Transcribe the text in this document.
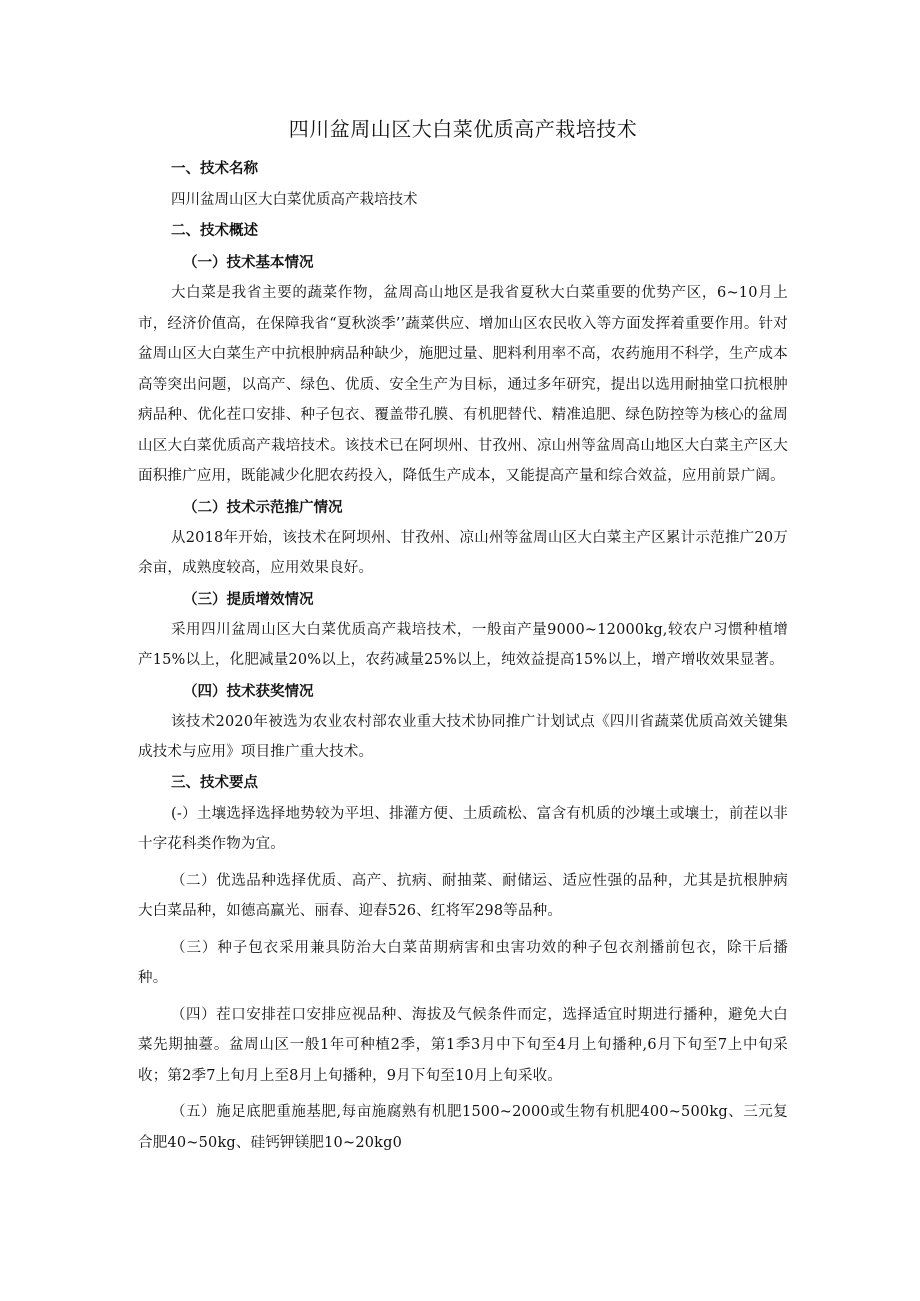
四川盆周山区大白菜优质高产栽培技术
一、技术名称

四川盆周山区大白菜优质高产栽培技术

二、技术概述
（一）技术基本情况

大白菜是我省主要的蔬菜作物，盆周高山地区是我省夏秋大白菜重要的优势产区，6~10月上市，经济价值高，在保障我省“夏秋淡季’’蔬菜供应、增加山区农民收入等方面发挥着重要作用。针对盆周山区大白菜生产中抗根肿病品种缺少，施肥过量、肥料利用率不高，农药施用不科学，生产成本高等突出问题，以高产、绿色、优质、安全生产为目标，通过多年研究，提出以选用耐抽堂口抗根肿病品种、优化茬口安排、种子包衣、覆盖带孔膜、有机肥替代、精准追肥、绿色防控等为核心的盆周山区大白菜优质高产栽培技术。该技术已在阿坝州、甘孜州、凉山州等盆周高山地区大白菜主产区大面积推广应用，既能减少化肥农药投入，降低生产成本，又能提高产量和综合效益，应用前景广阔。

（二）技术示范推广情况

从2018年开始，该技术在阿坝州、甘孜州、凉山州等盆周山区大白菜主产区累计示范推广20万余亩，成熟度较高，应用效果良好。

（三）提质增效情况

采用四川盆周山区大白菜优质高产栽培技术，一般亩产量9000~12000kg,较农户习惯种植增产15%以上，化肥减量20%以上，农药减量25%以上，纯效益提高15%以上，增产增收效果显著。

（四）技术获奖情况

该技术2020年被选为农业农村部农业重大技术协同推广计划试点《四川省蔬菜优质高效关键集成技术与应用》项目推广重大技术。

三、技术要点

(-）土壤选择选择地势较为平坦、排灌方便、土质疏松、富含有机质的沙壤土或壤士，前茬以非十字花科类作物为宜。

（二）优选品种选择优质、高产、抗病、耐抽菜、耐储运、适应性强的品种，尤其是抗根肿病大白菜品种，如德高赢光、丽春、迎春526、红将军298等品种。

（三）种子包衣采用兼具防治大白菜苗期病害和虫害功效的种子包衣剂播前包衣，除干后播种。

（四）茬口安排茬口安排应视品种、海拔及气候条件而定，选择适宜时期进行播种，避免大白菜先期抽薹。盆周山区一般1年可种植2季，第1季3月中下旬至4月上旬播种,6月下旬至7上中旬采收；第2季7上旬月上至8月上旬播种，9月下旬至10月上旬采收。

（五）施足底肥重施基肥,每亩施腐熟有机肥1500~2000或生物有机肥400~500kg、三元复合肥40~50kg、硅钙钾镁肥10~20kg0
